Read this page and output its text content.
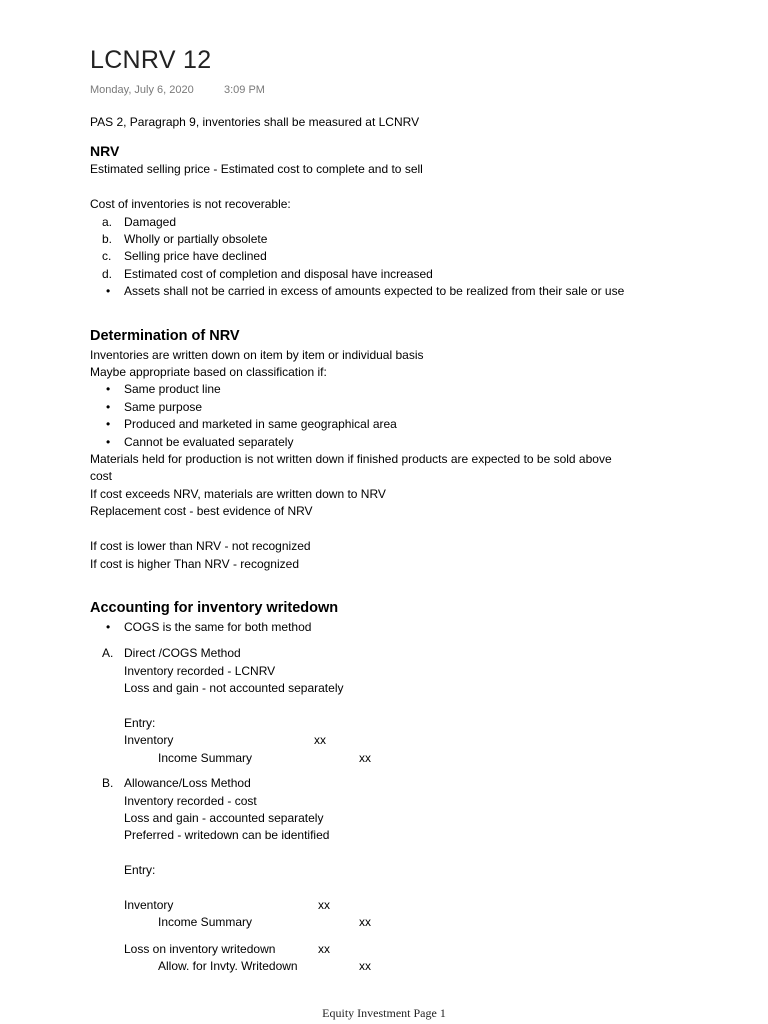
LCNRV 12
Monday, July 6, 2020	3:09 PM

PAS 2, Paragraph 9, inventories shall be measured at LCNRV

NRV

Estimated selling price - Estimated cost to complete and to sell

Cost of inventories is not recoverable:

a. Damaged
b. Wholly or partially obsolete
c. Selling price have declined
d. Estimated cost of completion and disposal have increased
• Assets shall not be carried in excess of amounts expected to be realized from their sale or use
Determination of NRV

Inventories are written down on item by item or individual basis

Maybe appropriate based on classification if:

• Same product line
• Same purpose
• Produced and marketed in same geographical area
• Cannot be evaluated separately

Materials held for production is not written down if finished products are expected to be sold above

cost

If cost exceeds NRV, materials are written down to NRV

Replacement cost - best evidence of NRV

If cost is lower than NRV - not recognized

If cost is higher Than NRV - recognized

Accounting for inventory writedown
• COGS is the same for both method
A. Direct /COGS Method

Inventory recorded - LCNRV

Loss and gain - not accounted separately

Entry:

Inventory	xx
Income Summary	xx
B. Allowance/Loss Method

Inventory recorded - cost

Loss and gain - accounted separately

Preferred - writedown can be identified

Entry:

Inventory	xx
Income Summary	xx
Loss on inventory writedown	xx
Allow. for Invty. Writedown	xx
Equity Investment Page 1
